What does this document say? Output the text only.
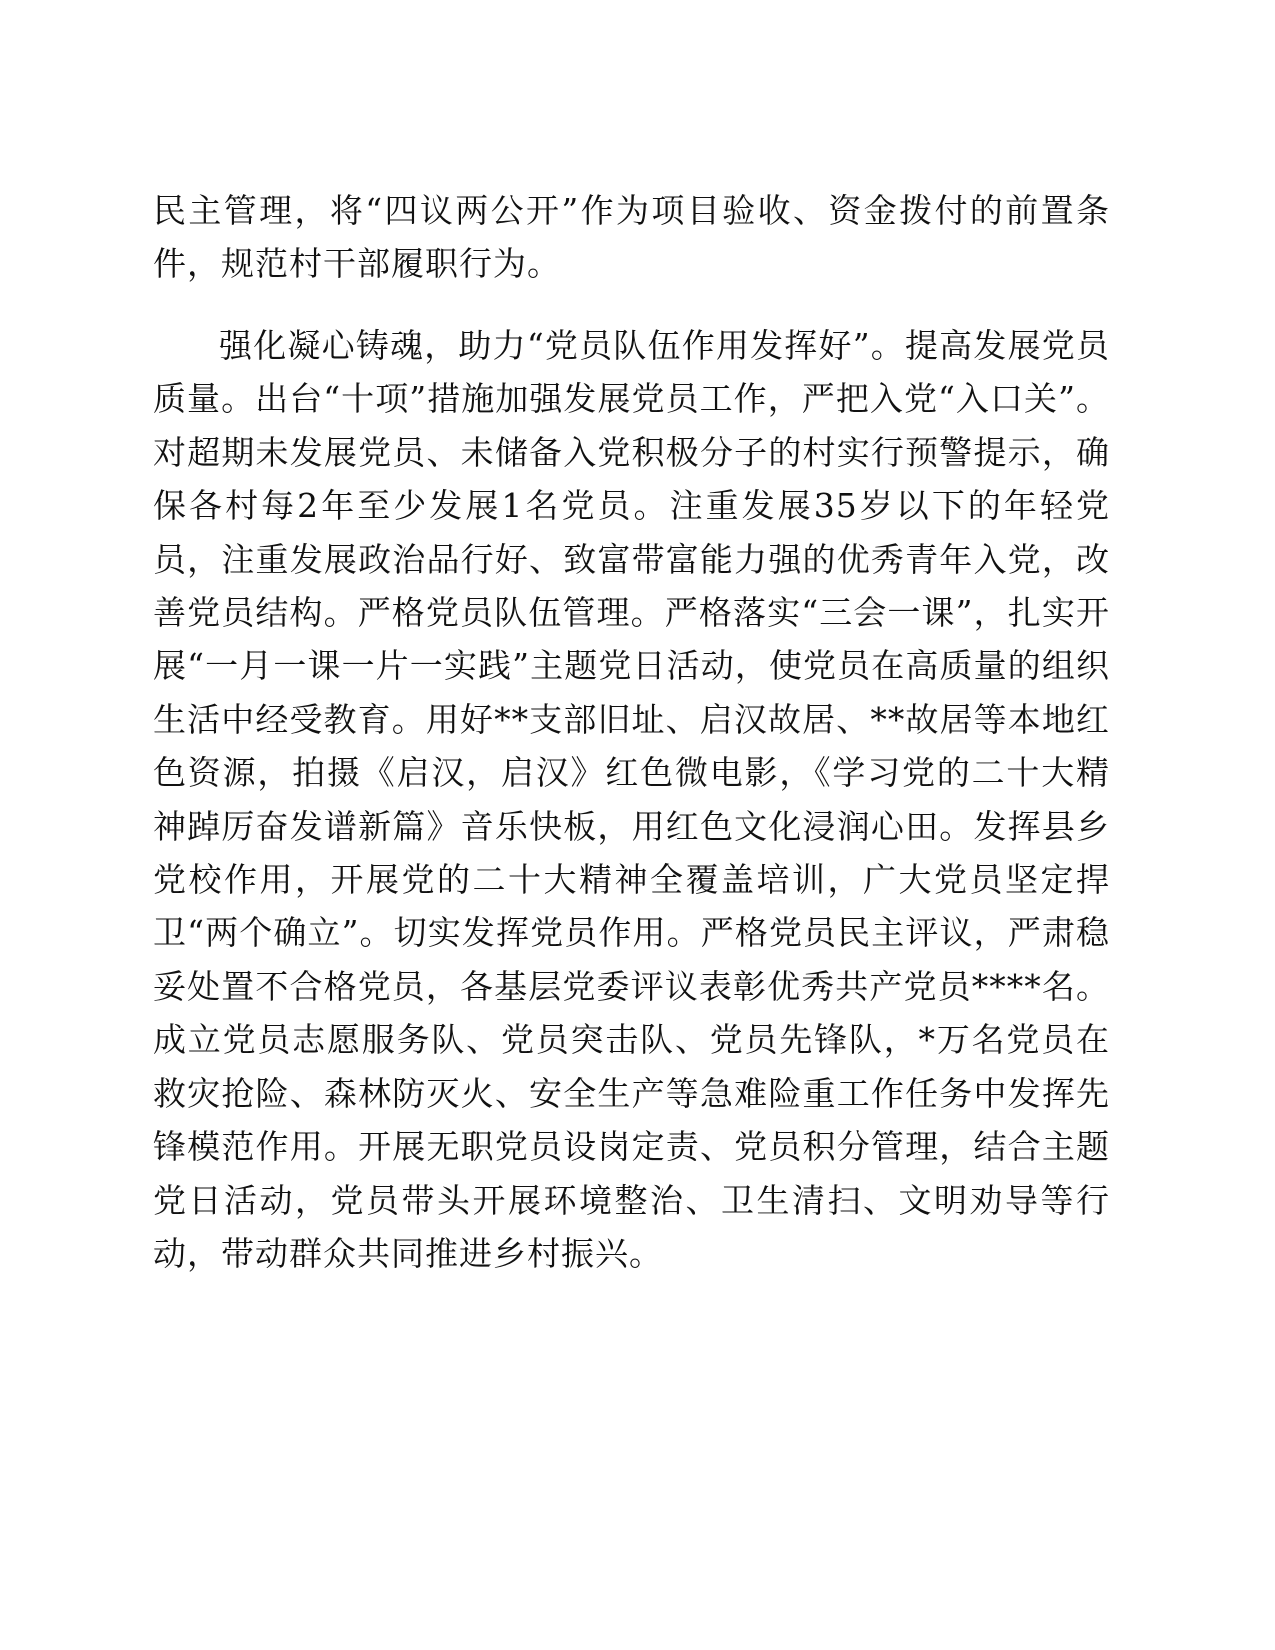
民主管理，将“四议两公开”作为项目验收、资金拨付的前置条件，规范村干部履职行为。

强化凝心铸魂，助力“党员队伍作用发挥好”。提高发展党员质量。出台“十项”措施加强发展党员工作，严把入党“入口关”。对超期未发展党员、未储备入党积极分子的村实行预警提示，确保各村每2年至少发展1名党员。注重发展35岁以下的年轻党员，注重发展政治品行好、致富带富能力强的优秀青年入党，改善党员结构。严格党员队伍管理。严格落实“三会一课”，扎实开展“一月一课一片一实践”主题党日活动，使党员在高质量的组织生活中经受教育。用好**支部旧址、启汉故居、**故居等本地红色资源，拍摄《启汉，启汉》红色微电影，《学习党的二十大精神踔厉奋发谱新篇》音乐快板，用红色文化浸润心田。发挥县乡党校作用，开展党的二十大精神全覆盖培训，广大党员坚定捍卫“两个确立”。切实发挥党员作用。严格党员民主评议，严肃稳妥处置不合格党员，各基层党委评议表彰优秀共产党员****名。成立党员志愿服务队、党员突击队、党员先锋队，*万名党员在救灾抢险、森林防灭火、安全生产等急难险重工作任务中发挥先锋模范作用。开展无职党员设岗定责、党员积分管理，结合主题党日活动，党员带头开展环境整治、卫生清扫、文明劝导等行动，带动群众共同推进乡村振兴。
